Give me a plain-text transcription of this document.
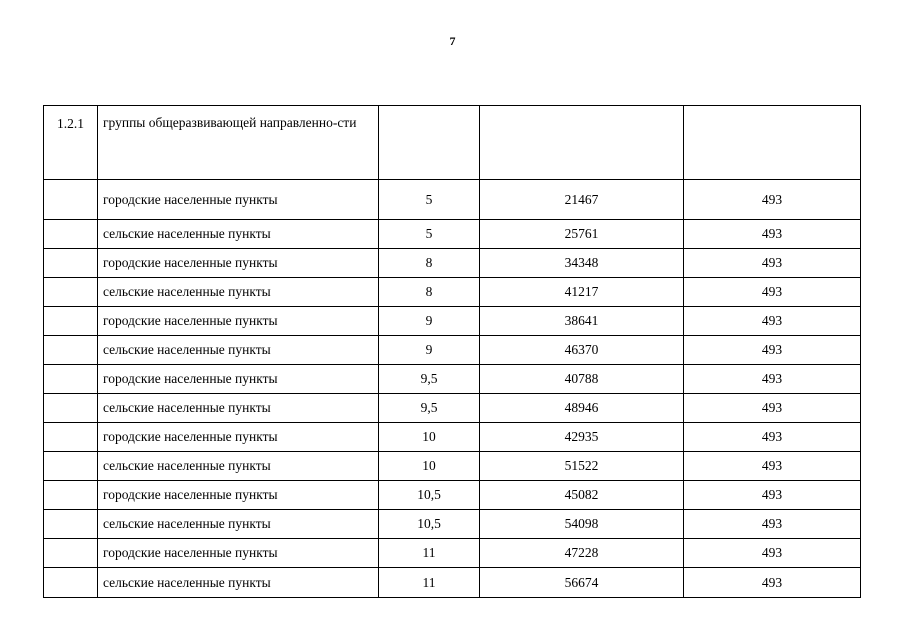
7
1.2.1	группы общеразвивающей направленно-сти			
	городские населенные пункты	5	21467	493
	сельские населенные пункты	5	25761	493
	городские населенные пункты	8	34348	493
	сельские населенные пункты	8	41217	493
	городские населенные пункты	9	38641	493
	сельские населенные пункты	9	46370	493
	городские населенные пункты	9,5	40788	493
	сельские населенные пункты	9,5	48946	493
	городские населенные пункты	10	42935	493
	сельские населенные пункты	10	51522	493
	городские населенные пункты	10,5	45082	493
	сельские населенные пункты	10,5	54098	493
	городские населенные пункты	11	47228	493
	сельские населенные пункты	11	56674	493
